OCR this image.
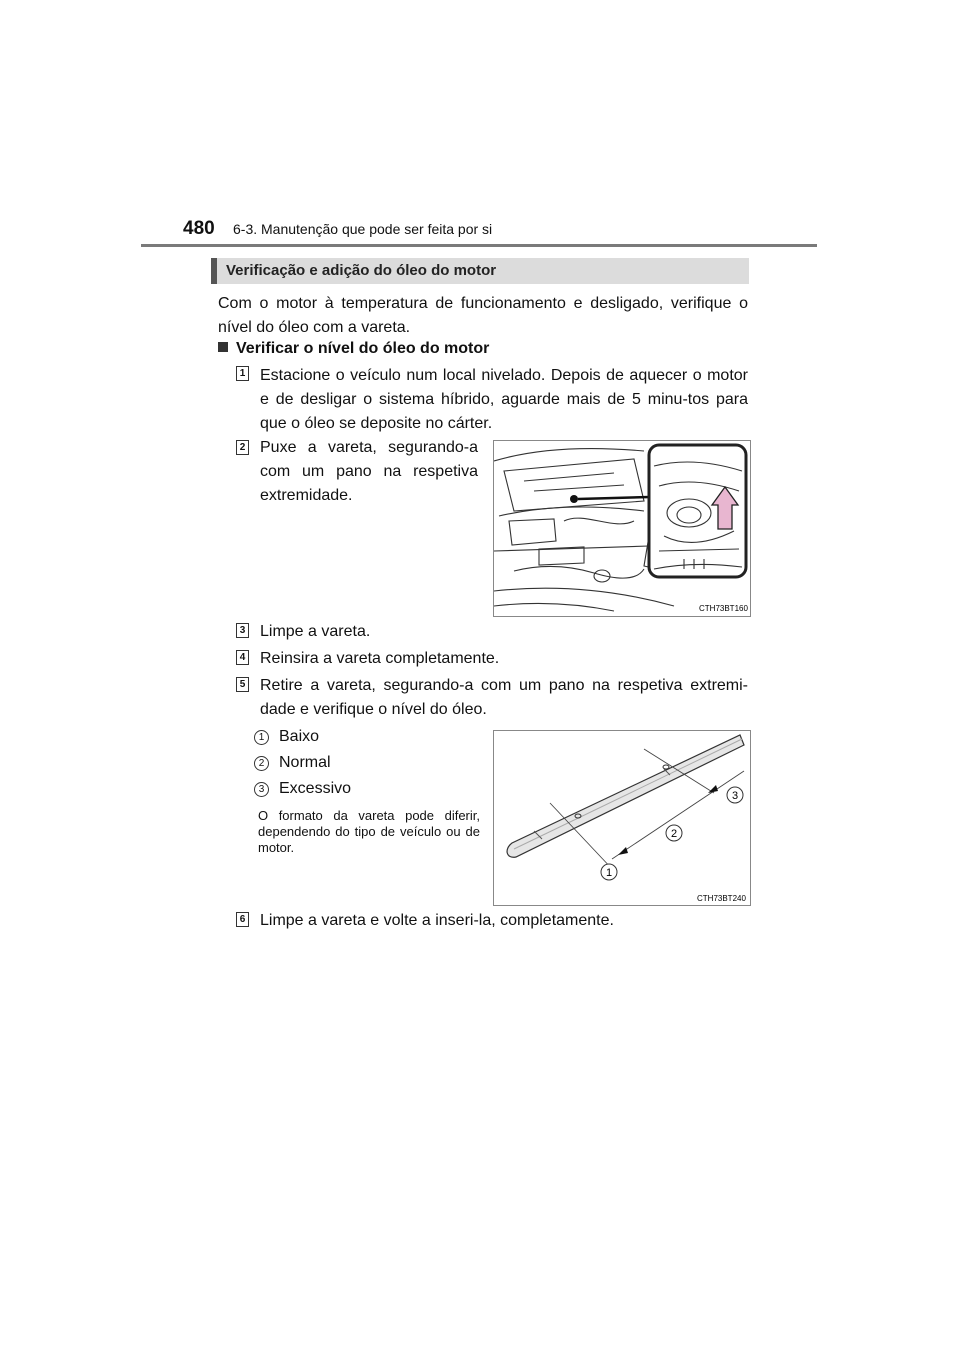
480 6-3. Manutenção que pode ser feita por si
Verificação e adição do óleo do motor
Com o motor à temperatura de funcionamento e desligado, verifique o nível do óleo com a vareta.
Verificar o nível do óleo do motor
1 Estacione o veículo num local nivelado. Depois de aquecer o motor e de desligar o sistema híbrido, aguarde mais de 5 minu-tos para que o óleo se deposite no cárter.
2 Puxe a vareta, segurando-a com um pano na respetiva extremidade.
CTH73BT160
3 Limpe a vareta.
4 Reinsira a vareta completamente.
5 Retire a vareta, segurando-a com um pano na respetiva extremi-dade e verifique o nível do óleo.
1 Baixo
2 Normal
3 Excessivo
O formato da vareta pode diferir, dependendo do tipo de veículo ou de motor.
1
2
3
CTH73BT240
6 Limpe a vareta e volte a inseri-la, completamente.
